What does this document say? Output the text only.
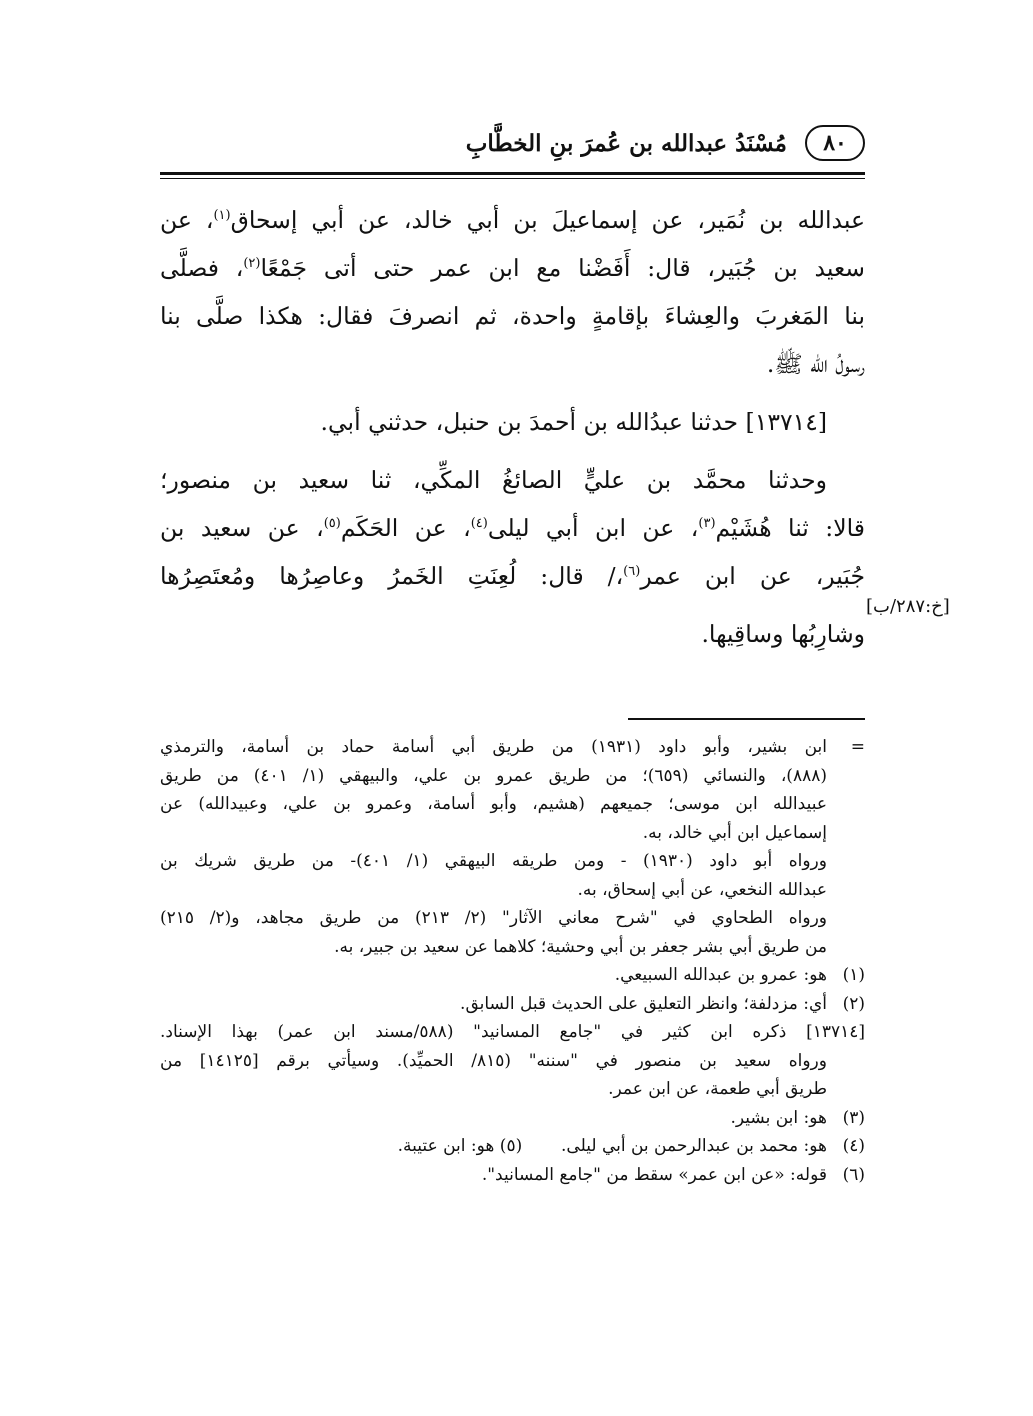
٨٠
مُسْنَدُ عبدالله بن عُمرَ بنِ الخطَّابِ

عبدالله بن نُمَير، عن إسماعيلَ بن أبي خالد، عن أبي إسحاق$^{(١)}$، عن

سعيد بن جُبَير، قال: أَفَضْنا مع ابن عمر حتى أتى جَمْعًا$^{(٢)}$، فصلَّى

بنا المَغربَ والعِشاءَ بإقامةٍ واحدة، ثم انصرفَ فقال: هكذا صلَّى بنا

رسولُ الله ﷺ.

[١٣٧١٤] حدثنا عبدُالله بن أحمدَ بن حنبل، حدثني أبي.

وحدثنا محمَّد بن عليٍّ الصائغُ المكِّي، ثنا سعيد بن منصور؛

قالا: ثنا هُشَيْم$^{(٣)}$، عن ابن أبي ليلى$^{(٤)}$، عن الحَكَم$^{(٥)}$، عن سعيد بن

جُبَير، عن ابن عمر$^{(٦)}$،/ قال: لُعِنَتِ الخَمرُ وعاصِرُها ومُعتَصِرُها

وشارِبُها وساقِيها.

[خ:٢٨٧/ب]
=
ابن بشير، وأبو داود (١٩٣١) من طريق أبي أسامة حماد بن أسامة، والترمذي
(٨٨٨)، والنسائي (٦٥٩)؛ من طريق عمرو بن علي، والبيهقي (١/ ٤٠١) من طريق
عبيدالله ابن موسى؛ جميعهم (هشيم، وأبو أسامة، وعمرو بن علي، وعبيدالله) عن
إسماعيل ابن أبي خالد، به.
ورواه أبو داود (١٩٣٠) - ومن طريقه البيهقي (١/ ٤٠١)- من طريق شريك بن
عبدالله النخعي، عن أبي إسحاق، به.
ورواه الطحاوي في "شرح معاني الآثار" (٢/ ٢١٣) من طريق مجاهد، و(٢/ ٢١٥)
من طريق أبي بشر جعفر بن أبي وحشية؛ كلاهما عن سعيد بن جبير، به.
(١)
هو: عمرو بن عبدالله السبيعي.
(٢)
أي: مزدلفة؛ وانظر التعليق على الحديث قبل السابق.
[١٣٧١٤] ذكره ابن كثير في "جامع المسانيد" (٥٨٨/مسند ابن عمر) بهذا الإسناد.
ورواه سعيد بن منصور في "سننه" (٨١٥/ الحميِّد). وسيأتي برقم [١٤١٢٥] من
طريق أبي طعمة، عن ابن عمر.
(٣)
هو: ابن بشير.
(٤)
هو: محمد بن عبدالرحمن بن أبي ليلى.  (٥) هو: ابن عتيبة.
(٦)
قوله: «عن ابن عمر» سقط من "جامع المسانيد".
